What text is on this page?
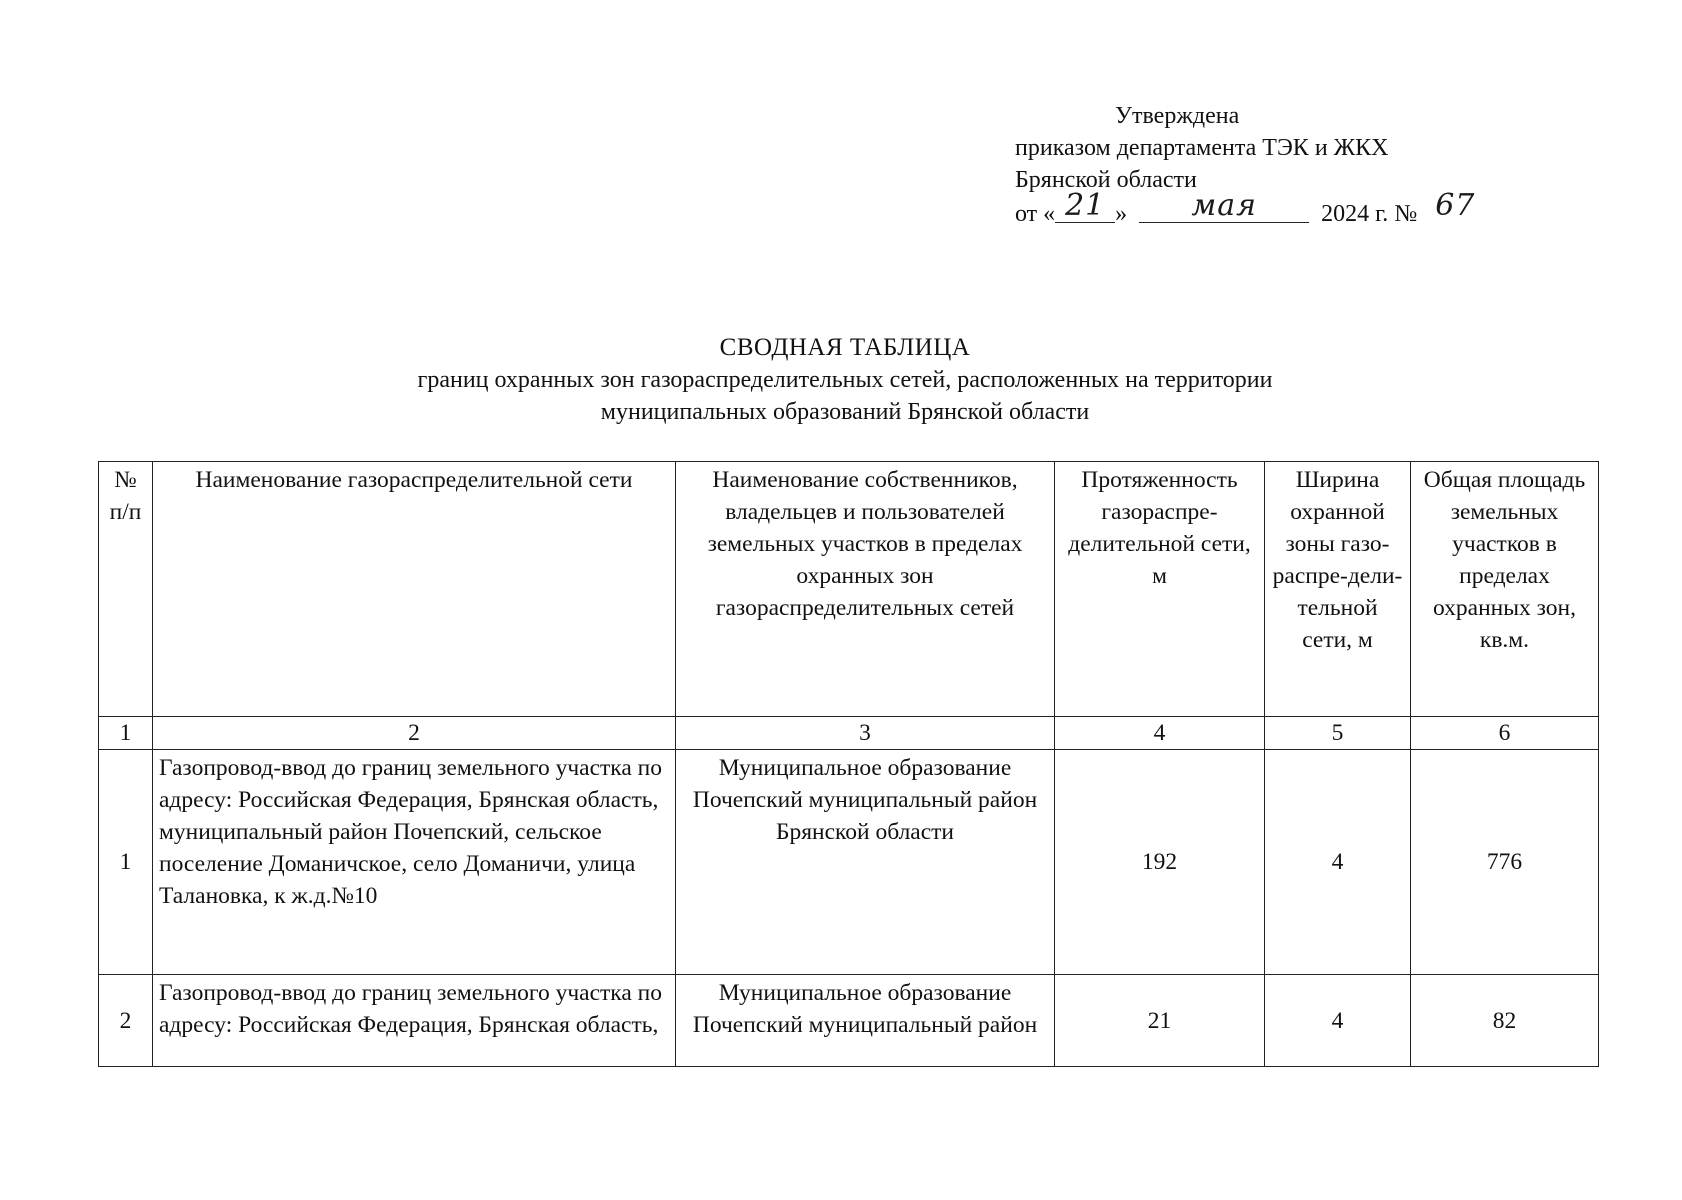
Утверждена
приказом департамента ТЭК и ЖКХ
Брянской области
от « 21 » мая	2024 г. № 67
СВОДНАЯ ТАБЛИЦА
границ охранных зон газораспределительных сетей, расположенных на территории
муниципальных образований Брянской области
№ п/п	Наименование газораспределительной сети	Наименование собственников, владельцев и пользователей земельных участков в пределах охранных зон газораспределительных сетей	Протяженность газораспре-делительной сети, м	Ширина охранной зоны газо-распре-дели-тельной сети, м	Общая площадь земельных участков в пределах охранных зон, кв.м.
1	2	3	4	5	6
1	Газопровод-ввод до границ земельного участка по адресу: Российская Федерация, Брянская область, муниципальный район Почепский, сельское поселение Доманичское, село Доманичи, улица Талановка, к ж.д.№10	Муниципальное образование Почепский муниципальный район Брянской области	192	4	776
2	Газопровод-ввод до границ земельного участка по адресу: Российская Федерация, Брянская область,	Муниципальное образование Почепский муниципальный район	21	4	82
